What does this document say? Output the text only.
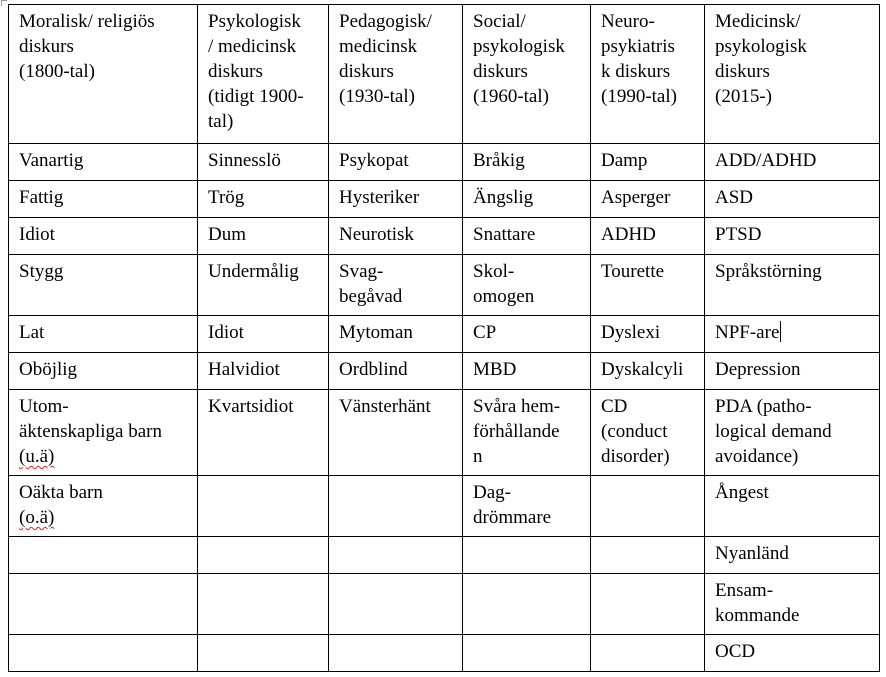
Moralisk/ religiös
diskurs
(1800-tal)	Psykologisk
/ medicinsk
diskurs
(tidigt 1900-
tal)	Pedagogisk/
medicinsk
diskurs
(1930-tal)	Social/
psykologisk
diskurs
(1960-tal)	Neuro-
psykiatris
k diskurs
(1990-tal)	Medicinsk/
psykologisk
diskurs
(2015-)

Vanartig	Sinnesslö	Psykopat	Bråkig	Damp	ADD/ADHD

Fattig	Trög	Hysteriker	Ängslig	Asperger	ASD

Idiot	Dum	Neurotisk	Snattare	ADHD	PTSD

Stygg	Undermålig	Svag-
begåvad	Skol-
omogen	Tourette	Språkstörning

Lat	Idiot	Mytoman	CP	Dyslexi	NPF-are

Oböjlig	Halvidiot	Ordblind	MBD	Dyskalcyli	Depression

Utom-
äktenskapliga barn
(u.ä)	Kvartsidiot	Vänsterhänt	Svåra hem-
förhållande
n	CD
(conduct
disorder)	PDA (patho-
logical demand
avoidance)

Oäkta barn
(o.ä)			Dag-
drömmare		Ångest

					Nyanländ

					Ensam-
kommande

					OCD
